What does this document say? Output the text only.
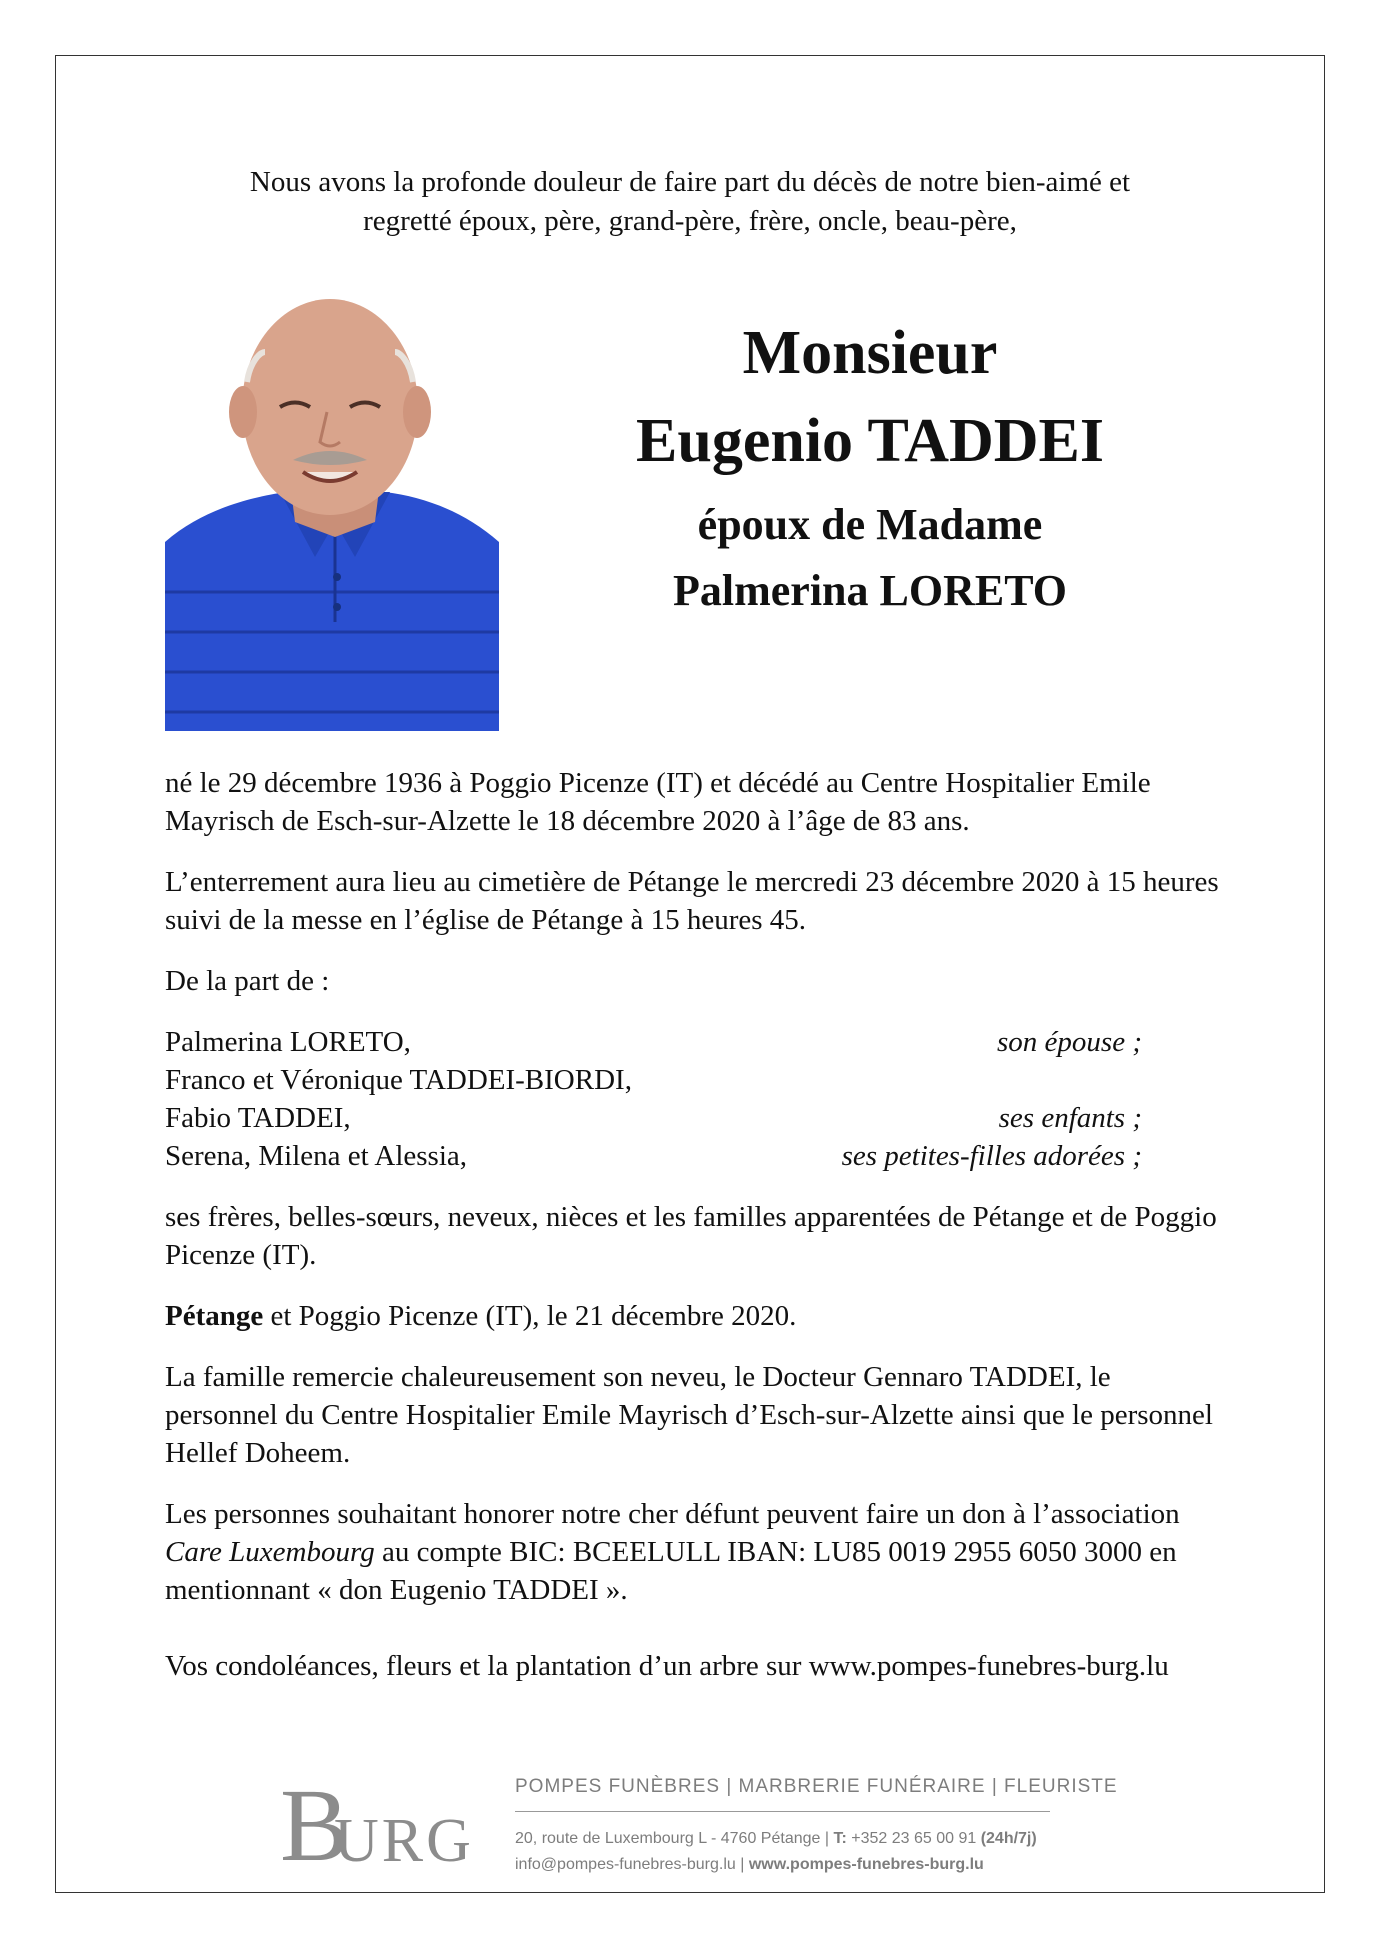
Nous avons la profonde douleur de faire part du décès de notre bien-aimé et
regretté époux, père, grand-père, frère, oncle, beau-père,
Monsieur
Eugenio TADDEI
époux de Madame
Palmerina LORETO

né le 29 décembre 1936 à Poggio Picenze (IT) et décédé au Centre Hospitalier Emile Mayrisch de Esch-sur-Alzette le 18 décembre 2020 à l’âge de 83 ans.

L’enterrement aura lieu au cimetière de Pétange le mercredi 23 décembre 2020 à 15 heures suivi de la messe en l’église de Pétange à 15 heures 45.

De la part de :

Palmerina LORETO,	son épouse ;
Franco et Véronique TADDEI-BIORDI,
Fabio TADDEI,	ses enfants ;
Serena, Milena et Alessia,	ses petites-filles adorées ;

ses frères, belles-sœurs, neveux, nièces et les familles apparentées de Pétange et de Poggio Picenze (IT).

Pétange et Poggio Picenze (IT), le 21 décembre 2020.

La famille remercie chaleureusement son neveu, le Docteur Gennaro TADDEI, le personnel du Centre Hospitalier Emile Mayrisch d’Esch-sur-Alzette ainsi que le personnel Hellef Doheem.

Les personnes souhaitant honorer notre cher défunt peuvent faire un don à l’association Care Luxembourg au compte BIC: BCEELULL IBAN: LU85 0019 2955 6050 3000 en mentionnant « don Eugenio TADDEI ».

Vos condoléances, fleurs et la plantation d’un arbre sur www.pompes-funebres-burg.lu

B
URG
POMPES FUNÈBRES | MARBRERIE FUNÉRAIRE | FLEURISTE
20, route de Luxembourg L - 4760 Pétange | T: +352 23 65 00 91 (24h/7j)
info@pompes-funebres-burg.lu | www.pompes-funebres-burg.lu
